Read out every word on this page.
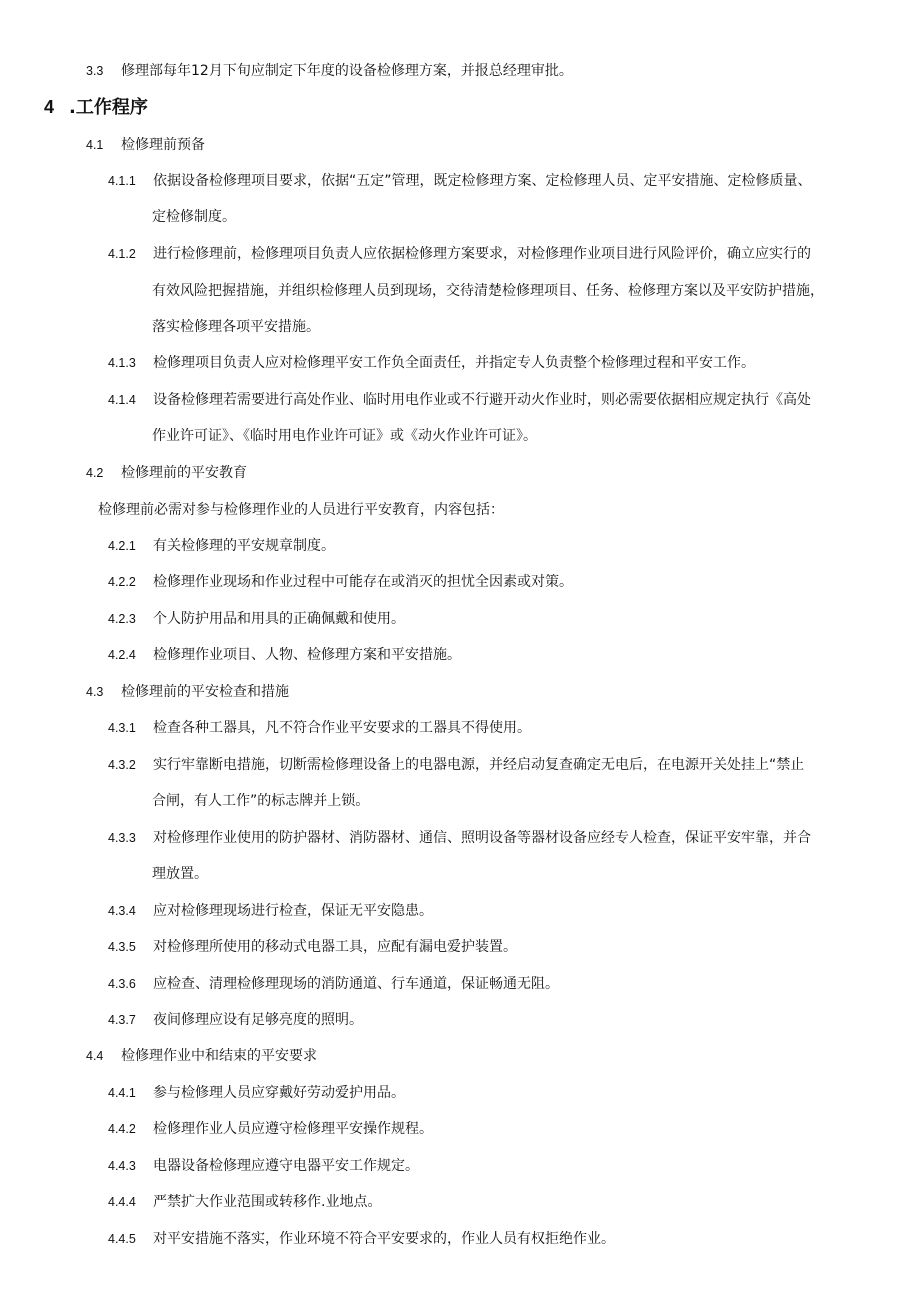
3.3 修理部每年12月下旬应制定下年度的设备检修理方案，并报总经理审批。
4 .工作程序
4.1 检修理前预备
4.1.1 依据设备检修理项目要求，依据“五定”管理，既定检修理方案、定检修理人员、定平安措施、定检修质量、
定检修制度。
4.1.2 进行检修理前，检修理项目负责人应依据检修理方案要求，对检修理作业项目进行风险评价，确立应实行的
有效风险把握措施，并组织检修理人员到现场，交待清楚检修理项目、任务、检修理方案以及平安防护措施，
落实检修理各项平安措施。
4.1.3 检修理项目负责人应对检修理平安工作负全面责任，并指定专人负责整个检修理过程和平安工作。
4.1.4 设备检修理若需要进行高处作业、临时用电作业或不行避开动火作业时，则必需要依据相应规定执行《高处
作业许可证》、《临时用电作业许可证》或《动火作业许可证》。
4.2 检修理前的平安教育
检修理前必需对参与检修理作业的人员进行平安教育，内容包括：
4.2.1 有关检修理的平安规章制度。
4.2.2 检修理作业现场和作业过程中可能存在或消灭的担忧全因素或对策。
4.2.3 个人防护用品和用具的正确佩戴和使用。
4.2.4 检修理作业项目、人物、检修理方案和平安措施。
4.3 检修理前的平安检查和措施
4.3.1 检查各种工器具，凡不符合作业平安要求的工器具不得使用。
4.3.2 实行牢靠断电措施，切断需检修理设备上的电器电源，并经启动复查确定无电后，在电源开关处挂上“禁止
合闸，有人工作”的标志牌并上锁。
4.3.3 对检修理作业使用的防护器材、消防器材、通信、照明设备等器材设备应经专人检查，保证平安牢靠，并合
理放置。
4.3.4 应对检修理现场进行检查，保证无平安隐患。
4.3.5 对检修理所使用的移动式电器工具，应配有漏电爱护装置。
4.3.6 应检查、清理检修理现场的消防通道、行车通道，保证畅通无阻。
4.3.7 夜间修理应设有足够亮度的照明。
4.4 检修理作业中和结束的平安要求
4.4.1 参与检修理人员应穿戴好劳动爱护用品。
4.4.2 检修理作业人员应遵守检修理平安操作规程。
4.4.3 电器设备检修理应遵守电器平安工作规定。
4.4.4 严禁扩大作业范围或转移作.业地点。
4.4.5 对平安措施不落实，作业环境不符合平安要求的，作业人员有权拒绝作业。
